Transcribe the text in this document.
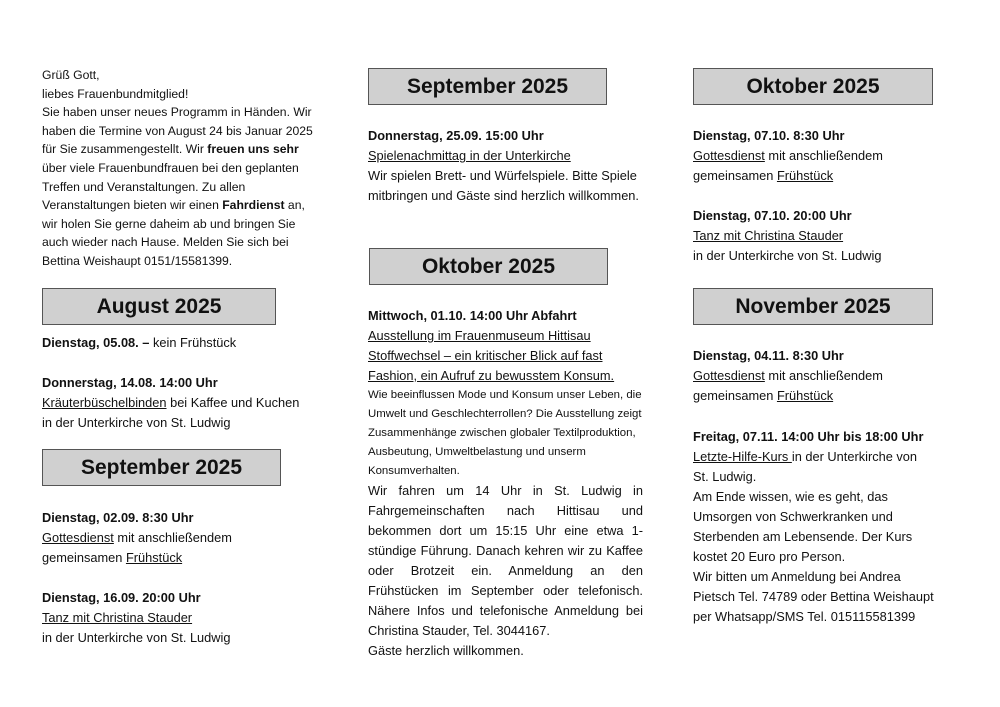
Grüß Gott,
liebes Frauenbundmitglied!
Sie haben unser neues Programm in Händen. Wir haben die Termine von August 24 bis Januar 2025 für Sie zusammengestellt. Wir freuen uns sehr über viele Frauenbundfrauen bei den geplanten Treffen und Veranstaltungen. Zu allen Veranstaltungen bieten wir einen Fahrdienst an, wir holen Sie gerne daheim ab und bringen Sie auch wieder nach Hause. Melden Sie sich bei Bettina Weishaupt 0151/15581399.
August 2025
Dienstag, 05.08. – kein Frühstück
Donnerstag, 14.08. 14:00 Uhr
Kräuterbüschelbinden bei Kaffee und Kuchen
in der Unterkirche von St. Ludwig
September 2025
Dienstag, 02.09. 8:30 Uhr
Gottesdienst mit anschließendem
gemeinsamen Frühstück
Dienstag, 16.09. 20:00 Uhr
Tanz mit Christina Stauder
in der Unterkirche von St. Ludwig
September 2025
Donnerstag, 25.09. 15:00 Uhr
Spielenachmittag in der Unterkirche
Wir spielen Brett- und Würfelspiele. Bitte Spiele mitbringen und Gäste sind herzlich willkommen.
Oktober 2025
Mittwoch, 01.10. 14:00 Uhr Abfahrt
Ausstellung im Frauenmuseum Hittisau
Stoffwechsel – ein kritischer Blick auf fast
Fashion, ein Aufruf zu bewusstem Konsum.
Wie beeinflussen Mode und Konsum unser Leben, die Umwelt und Geschlechterrollen? Die Ausstellung zeigt Zusammenhänge zwischen globaler Textilproduktion, Ausbeutung, Umweltbelastung und unserm Konsumverhalten.
Wir fahren um 14 Uhr in St. Ludwig in Fahrgemeinschaften nach Hittisau und bekommen dort um 15:15 Uhr eine etwa 1-stündige Führung. Danach kehren wir zu Kaffee oder Brotzeit ein. Anmeldung an den Frühstücken im September oder telefonisch. Nähere Infos und telefonische Anmeldung bei Christina Stauder, Tel. 3044167.
Gäste herzlich willkommen.
Oktober 2025
Dienstag, 07.10. 8:30 Uhr
Gottesdienst mit anschließendem
gemeinsamen Frühstück
Dienstag, 07.10. 20:00 Uhr
Tanz mit Christina Stauder
in der Unterkirche von St. Ludwig
November 2025
Dienstag, 04.11. 8:30 Uhr
Gottesdienst mit anschließendem
gemeinsamen Frühstück
Freitag, 07.11. 14:00 Uhr bis 18:00 Uhr
Letzte-Hilfe-Kurs in der Unterkirche von St. Ludwig.
Am Ende wissen, wie es geht, das Umsorgen von Schwerkranken und Sterbenden am Lebensende. Der Kurs kostet 20 Euro pro Person.
Wir bitten um Anmeldung bei Andrea Pietsch Tel. 74789 oder Bettina Weishaupt per Whatsapp/SMS Tel. 015115581399
